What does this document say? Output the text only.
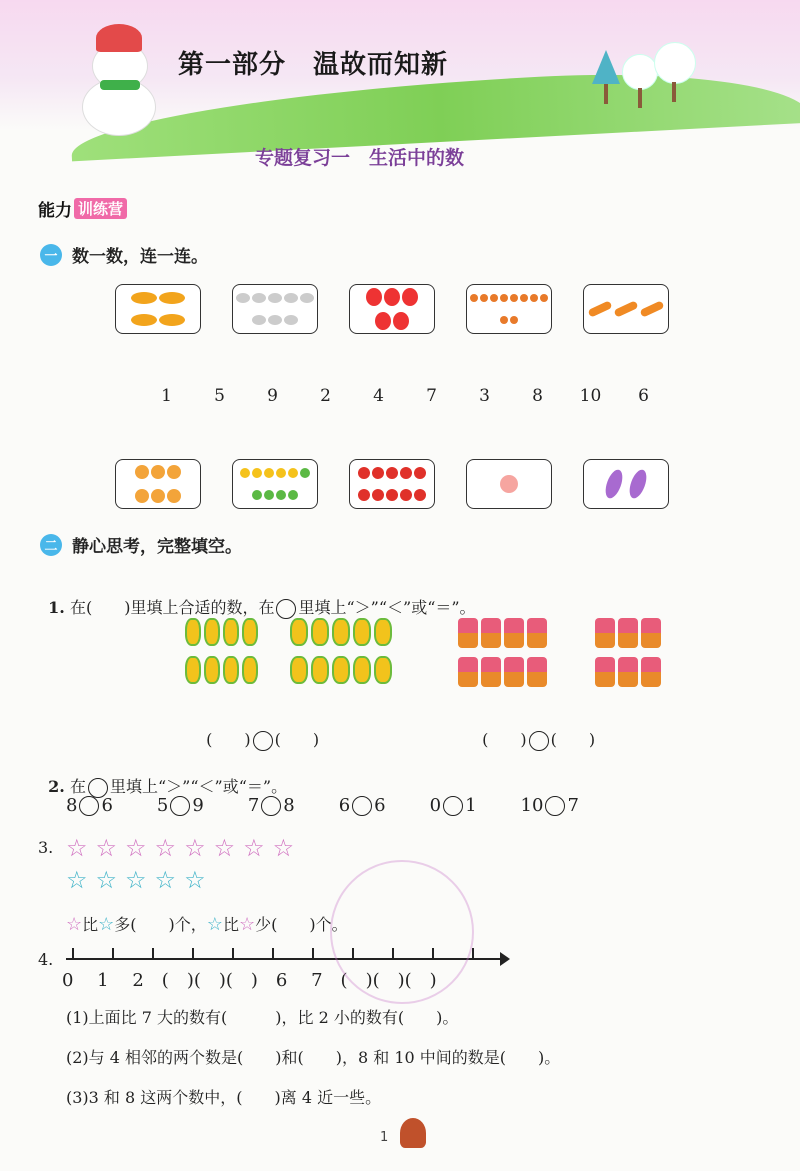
第一部分　温故而知新
专题复习一　生活中的数
能力 训练营
一 数一数，连一连。
1	5	9	2	4	7	3	8	10	6
二 静心思考，完整填空。

1. 在(　　)里填上合适的数，在 里填上“＞”“＜”或“＝”。

(　　) (　　)	(　　) (　　)

2. 在 里填上“＞”“＜”或“＝”。

8 6 5 9 7 8 6 6 0 1 10 7
3. ☆ ☆ ☆ ☆ ☆ ☆ ☆ ☆
☆ ☆ ☆ ☆ ☆
☆比☆多(　　)个，☆比☆少(　　)个。
4.
0　 1　 2　(　)(　)(　)　6　 7　(　)(　)(　)
(1)上面比 7 大的数有(　　　)，比 2 小的数有(　　)。
(2)与 4 相邻的两个数是(　　)和(　　)，8 和 10 中间的数是(　　)。
(3)3 和 8 这两个数中，(　　)离 4 近一些。
1
